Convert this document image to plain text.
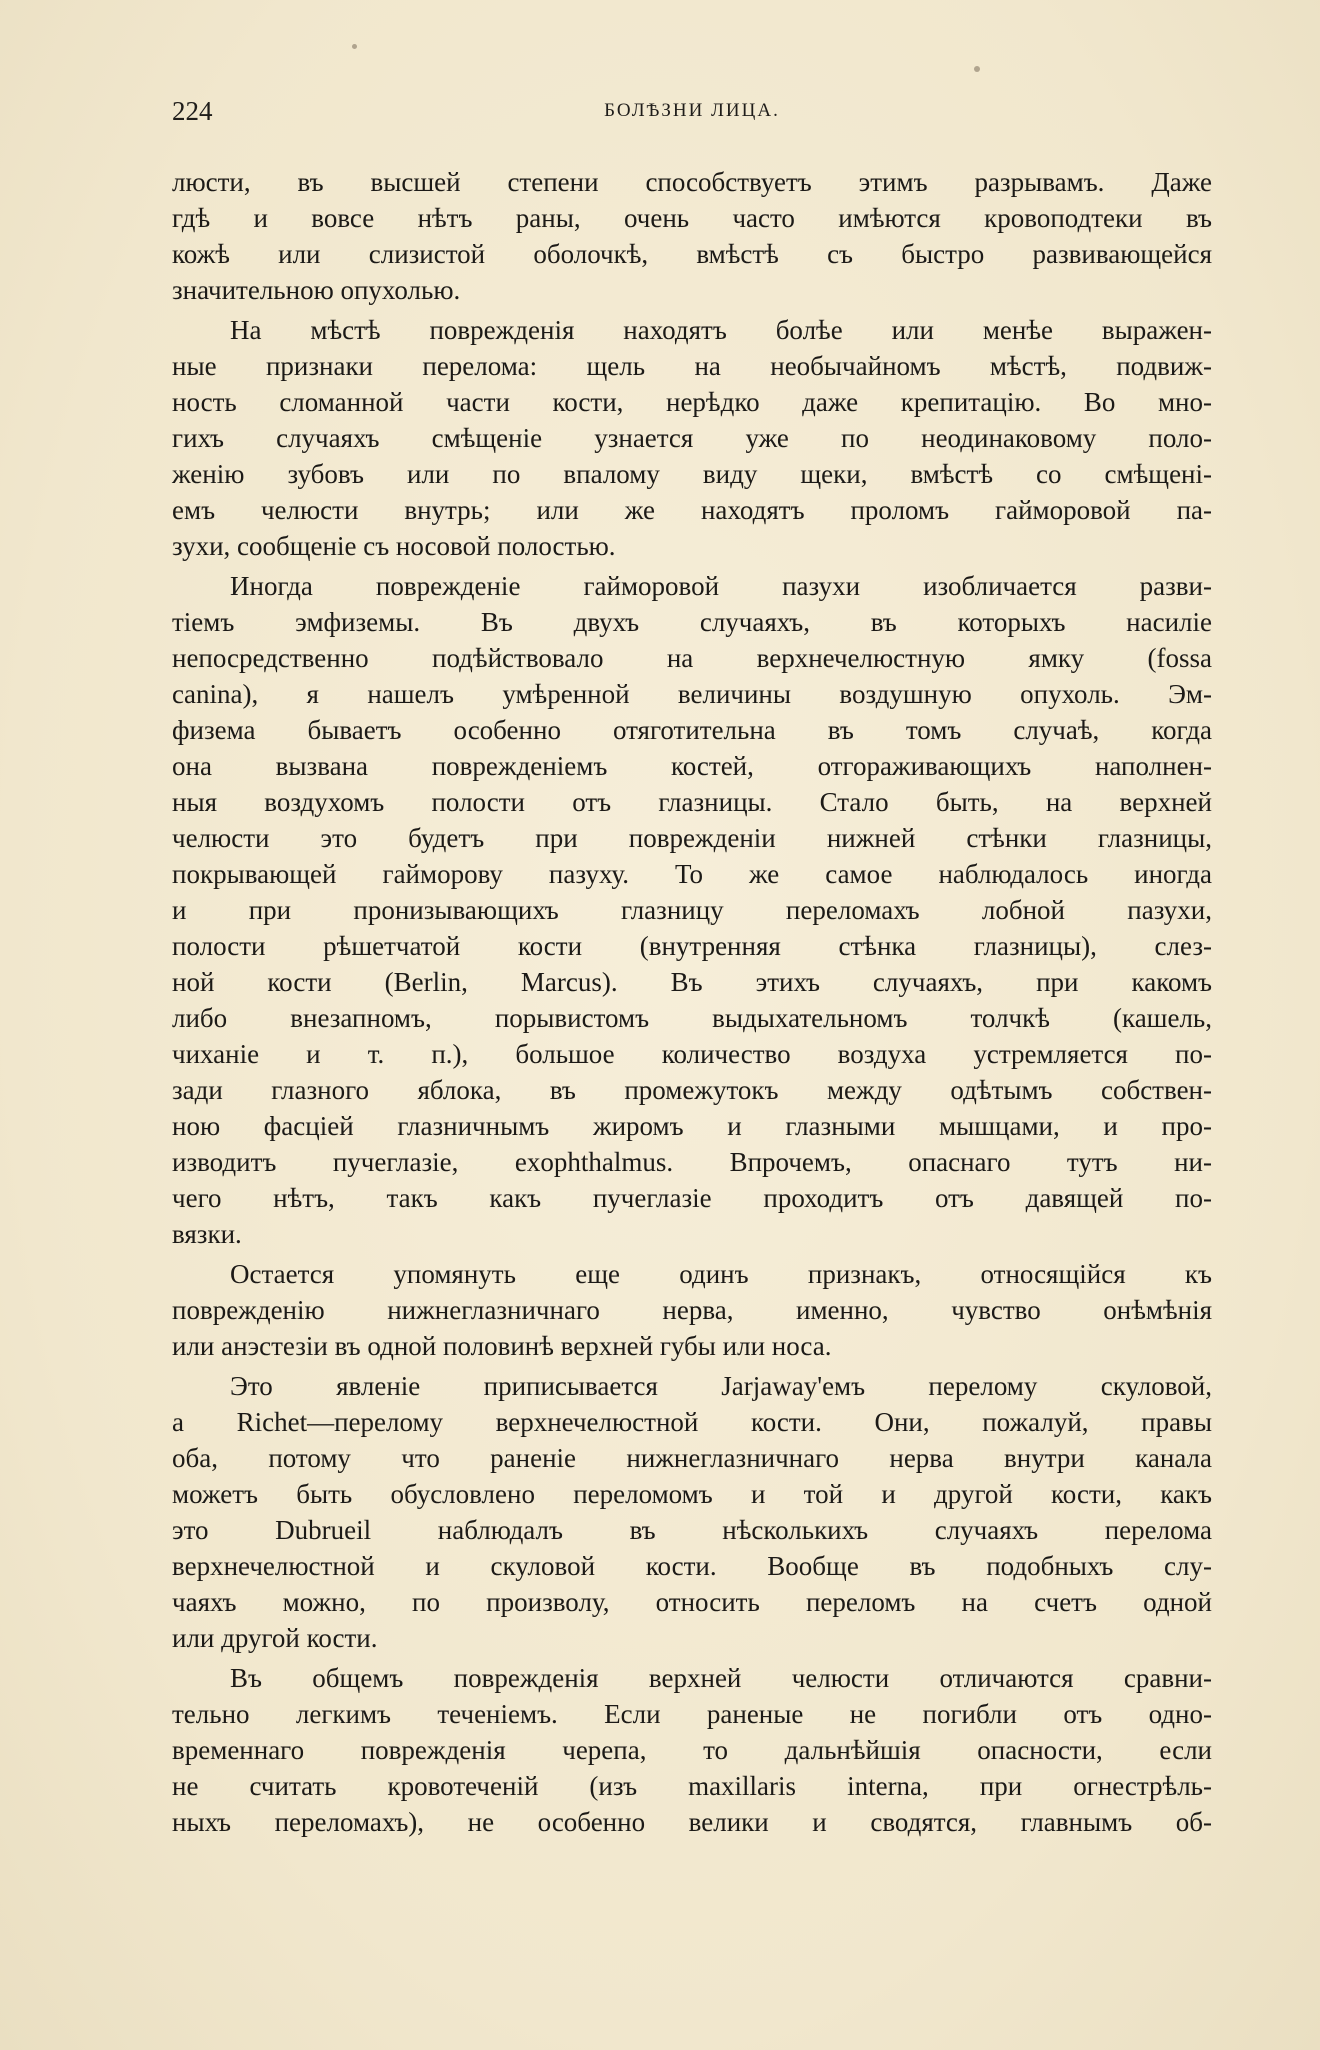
224	БОЛѢЗНИ ЛИЦА.
люсти, въ высшей степени способствуетъ этимъ разрывамъ. Даже
гдѣ и вовсе нѣтъ раны, очень часто имѣются кровоподтеки въ
кожѣ или слизистой оболочкѣ, вмѣстѣ съ быстро развивающейся
значительною опухолью.
На мѣстѣ поврежденія находятъ болѣе или менѣе выражен-
ные признаки перелома: щель на необычайномъ мѣстѣ, подвиж-
ность сломанной части кости, нерѣдко даже крепитацію. Во мно-
гихъ случаяхъ смѣщеніе узнается уже по неодинаковому поло-
женію зубовъ или по впалому виду щеки, вмѣстѣ со смѣщені-
емъ челюсти внутрь; или же находятъ проломъ гайморовой па-
зухи, сообщеніе съ носовой полостью.
Иногда поврежденіе гайморовой пазухи изобличается разви-
тіемъ эмфиземы. Въ двухъ случаяхъ, въ которыхъ насиліе
непосредственно подѣйствовало на верхнечелюстную ямку (fossa
canina), я нашелъ умѣренной величины воздушную опухоль. Эм-
физема бываетъ особенно отяготительна въ томъ случаѣ, когда
она вызвана поврежденіемъ костей, отгораживающихъ наполнен-
ныя воздухомъ полости отъ глазницы. Стало быть, на верхней
челюсти это будетъ при поврежденіи нижней стѣнки глазницы,
покрывающей гайморову пазуху. То же самое наблюдалось иногда
и при пронизывающихъ глазницу переломахъ лобной пазухи,
полости рѣшетчатой кости (внутренняя стѣнка глазницы), слез-
ной кости (Berlin, Marcus). Въ этихъ случаяхъ, при какомъ
либо внезапномъ, порывистомъ выдыхательномъ толчкѣ (кашель,
чиханіе и т. п.), большое количество воздуха устремляется по-
зади глазного яблока, въ промежутокъ между одѣтымъ собствен-
ною фасціей глазничнымъ жиромъ и глазными мышцами, и про-
изводитъ пучеглазіе, exophthalmus. Впрочемъ, опаснаго тутъ ни-
чего нѣтъ, такъ какъ пучеглазіе проходитъ отъ давящей по-
вязки.
Остается упомянуть еще одинъ признакъ, относящійся къ
поврежденію нижнеглазничнаго нерва, именно, чувство онѣмѣнія
или анэстезіи въ одной половинѣ верхней губы или носа.
Это явленіе приписывается Jarjaway'емъ перелому скуловой,
а Richet—перелому верхнечелюстной кости. Они, пожалуй, правы
оба, потому что раненіе нижнеглазничнаго нерва внутри канала
можетъ быть обусловлено переломомъ и той и другой кости, какъ
это Dubrueil наблюдалъ въ нѣсколькихъ случаяхъ перелома
верхнечелюстной и скуловой кости. Вообще въ подобныхъ слу-
чаяхъ можно, по произволу, относить переломъ на счетъ одной
или другой кости.
Въ общемъ поврежденія верхней челюсти отличаются сравни-
тельно легкимъ теченіемъ. Если раненые не погибли отъ одно-
временнаго поврежденія черепа, то дальнѣйшія опасности, если
не считать кровотеченій (изъ maxillaris interna, при огнестрѣль-
ныхъ переломахъ), не особенно велики и сводятся, главнымъ об-
